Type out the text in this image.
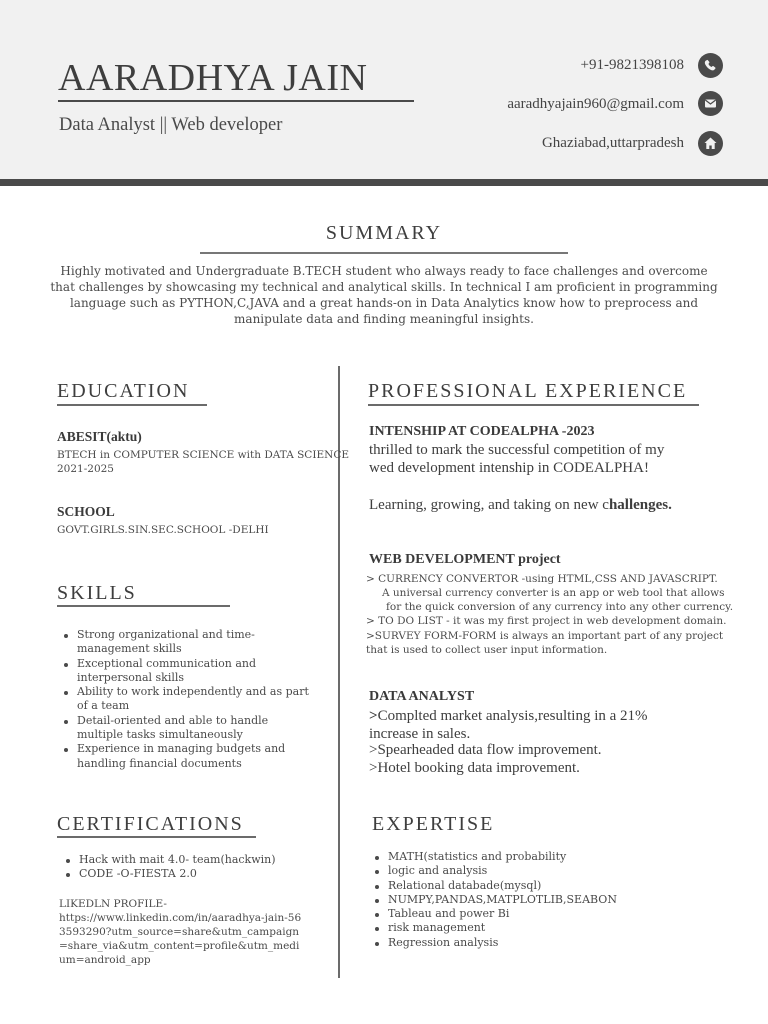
AARADHYA JAIN
Data Analyst || Web developer
+91-9821398108
aaradhyajain960@gmail.com
Ghaziabad,uttarpradesh
SUMMARY
Highly motivated and Undergraduate B.TECH student who always ready to face challenges and overcome that challenges by showcasing my technical and analytical skills. In technical I am proficient in programming language such as PYTHON,C,JAVA and a great hands-on in Data Analytics know how to preprocess and manipulate data and finding meaningful insights.
EDUCATION
ABESIT(aktu)
BTECH in COMPUTER SCIENCE with DATA SCIENCE
2021-2025
SCHOOL
GOVT.GIRLS.SIN.SEC.SCHOOL -DELHI
SKILLS
Strong organizational and time-management skills
Exceptional communication and interpersonal skills
Ability to work independently and as part of a team
Detail-oriented and able to handle multiple tasks simultaneously
Experience in managing budgets and handling financial documents
CERTIFICATIONS
Hack with mait 4.0- team(hackwin)
CODE -O-FIESTA 2.0
LIKEDLN PROFILE-
https://www.linkedin.com/in/aaradhya-jain-563593290?utm_source=share&utm_campaign=share_via&utm_content=profile&utm_medium=android_app
PROFESSIONAL EXPERIENCE
INTENSHIP AT CODEALPHA -2023
thrilled to mark the successful competition of my wed development intenship in CODEALPHA!
Learning, growing, and taking on new challenges.
WEB DEVELOPMENT project
> CURRENCY CONVERTOR -using HTML,CSS AND JAVASCRIPT.
A universal currency converter is an app or web tool that allows
for the quick conversion of any currency into any other currency.
> TO DO LIST - it was my first project in web development domain.
>SURVEY FORM-FORM is always an important part of any project that is used to collect user input information.
DATA ANALYST
>Complted market analysis,resulting in a 21% increase in sales.
>Spearheaded data flow improvement.
>Hotel booking data improvement.
EXPERTISE
MATH(statistics and probability
logic and analysis
Relational databade(mysql)
NUMPY,PANDAS,MATPLOTLIB,SEABON
Tableau and power Bi
risk management
Regression analysis
